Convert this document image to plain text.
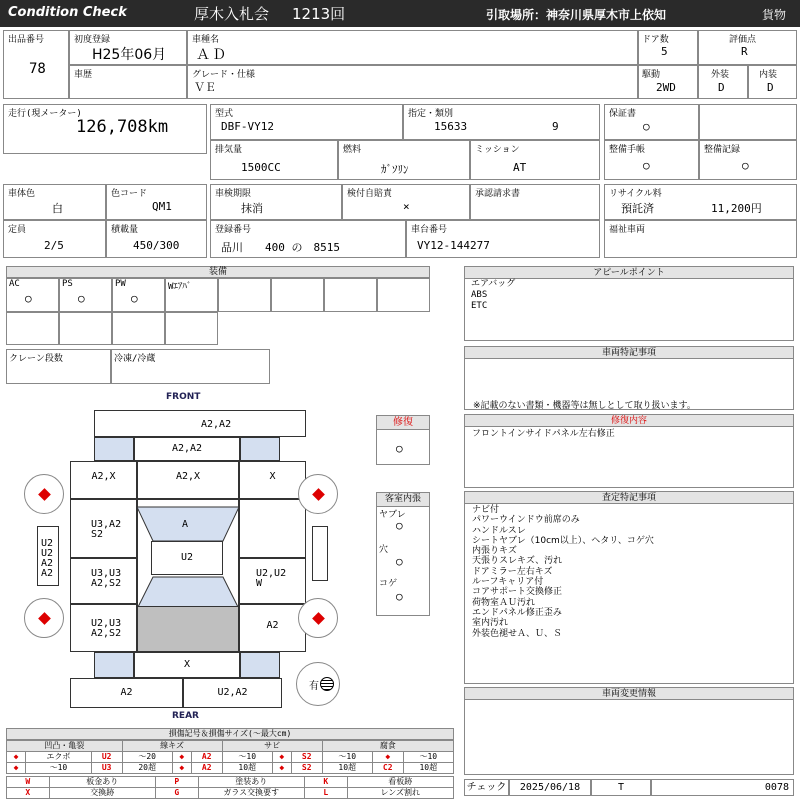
Condition Check	厚木入札会 1213回	引取場所：神奈川県厚木市上依知	貨物
出品番号
78
初度登録
H25年06月
車種名
ＡＤ
ドア数
5
評価点
R
車歴	グレード・仕様
ＶＥ
駆動
2WD
外装
D
内装
D
走行(現メーター)
126,708km
型式
DBF-VY12
指定・類別
15633	9
保証書
○
排気量
1500CC
燃料
ｶﾞｿﾘﾝ
ミッション
AT
整備手帳
○
整備記録
○
車体色
白
色コード
QM1
車検期限
抹消
検付自賠責
×
承認請求書	リサイクル料
預託済	11,200円
定員
2/5
積載量
450/300
登録番号
品川　　400 の　8515
車台番号
VY12-144277
福祉車両
装備
AC
○
PS
○
PW
○
Wｴｱﾊﾞ
クレーン段数	冷凍/冷蔵
FRONT
REAR
A2,A2
A2,A2
A2,X	A2,X	X
U3,A2
S2
A
U2
U3,U3
A2,S2
U2,U2
W
U2,U3
A2,S2
A2
X
A2	U2,A2
U2
U2
A2
A2
有
修復
○
客室内張
ヤブレ
○
穴
○
コゲ
○
アピールポイント
エアバッグ
ABS
ETC
車両特記事項
※記載のない書類・機器等は無しとして取り扱います。
修復内容
フロントインサイドパネル左右修正
査定特記事項
ナビ付
パワーウインドウ前席のみ
ハンドルスレ
シートヤブレ（10cm以上）、ヘタリ、コゲ穴
内張りキズ
天張りスレキズ、汚れ
ドアミラー左右キズ
ルーフキャリア付
コアサポート交換修正
荷物室ＡＵ汚れ
エンドパネル修正歪み
室内汚れ
外装色褪せＡ、Ｕ、Ｓ
車両変更情報
チェック	2025/06/18	T	0078
損傷記号＆損傷サイズ(～最大cm)
凹凸・亀裂			線キズ			サビ			腐食		
◆	エクボ	U2	～20	◆	A2	～10	◆	S2	～10	◆	～10
◆	～10	U3	20超	◆	A2	10超	◆	S2	10超	C2	10超
W	板金あり	P	塗装あり	K	看板跡
X	交換跡	G	ガラス交換要す	L	レンズ割れ
